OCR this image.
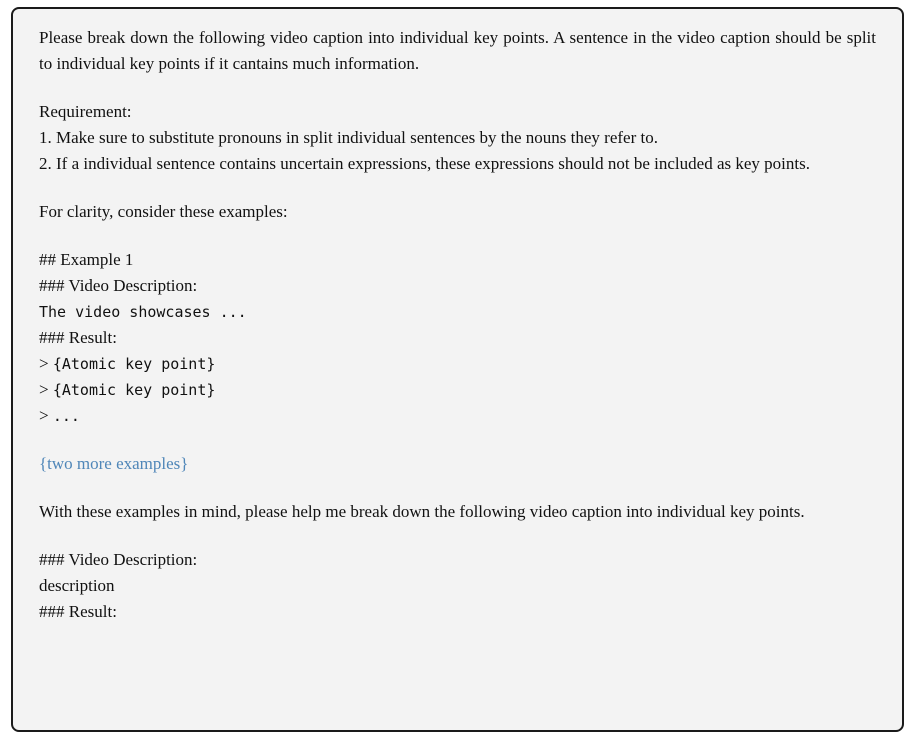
Please break down the following video caption into individual key points. A sentence in the video caption should be split to individual key points if it cantains much information.

Requirement:

1. Make sure to substitute pronouns in split individual sentences by the nouns they refer to.

2. If a individual sentence contains uncertain expressions, these expressions should not be included as key points.

For clarity, consider these examples:

## Example 1

### Video Description:

The video showcases ...

### Result:

> {Atomic key point}

> {Atomic key point}

> ...

{two more examples}

With these examples in mind, please help me break down the following video caption into individual key points.

### Video Description:

description

### Result:
